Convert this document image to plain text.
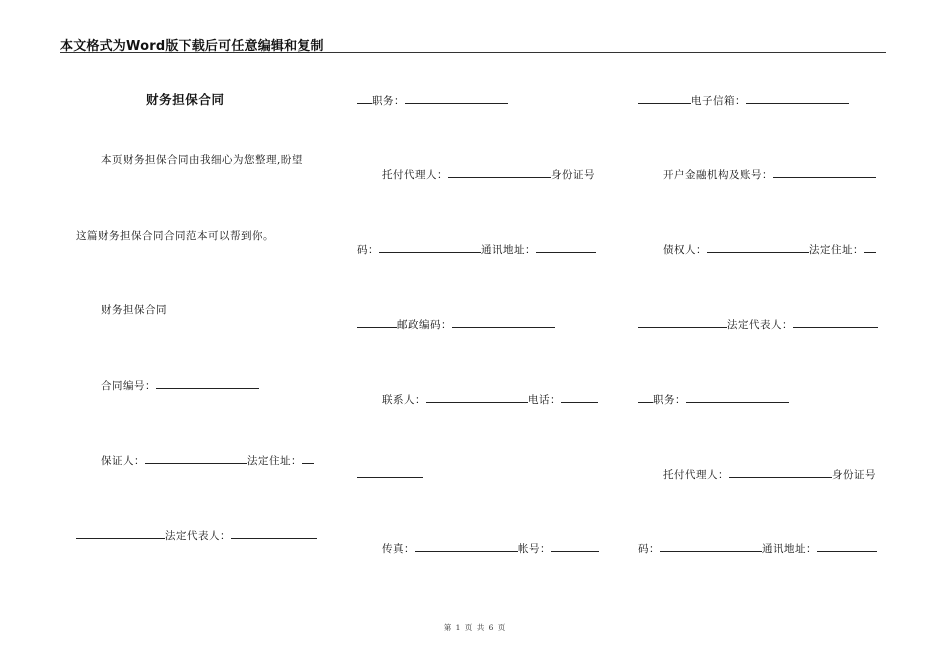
本文格式为Word版下载后可任意编辑和复制
财务担保合同
本页财务担保合同由我细心为您整理,盼望
这篇财务担保合同合同范本可以帮到你。
财务担保合同
合同编号：
保证人：	法定住址：
法定代表人：
职务：
托付代理人：	身份证号
码：	通讯地址：
邮政编码：
联系人：	电话：
传真：	帐号：
电子信箱：
开户金融机构及账号：
债权人：	法定住址：
法定代表人：
职务：
托付代理人：	身份证号
码：	通讯地址：
第 1 页 共 6 页
